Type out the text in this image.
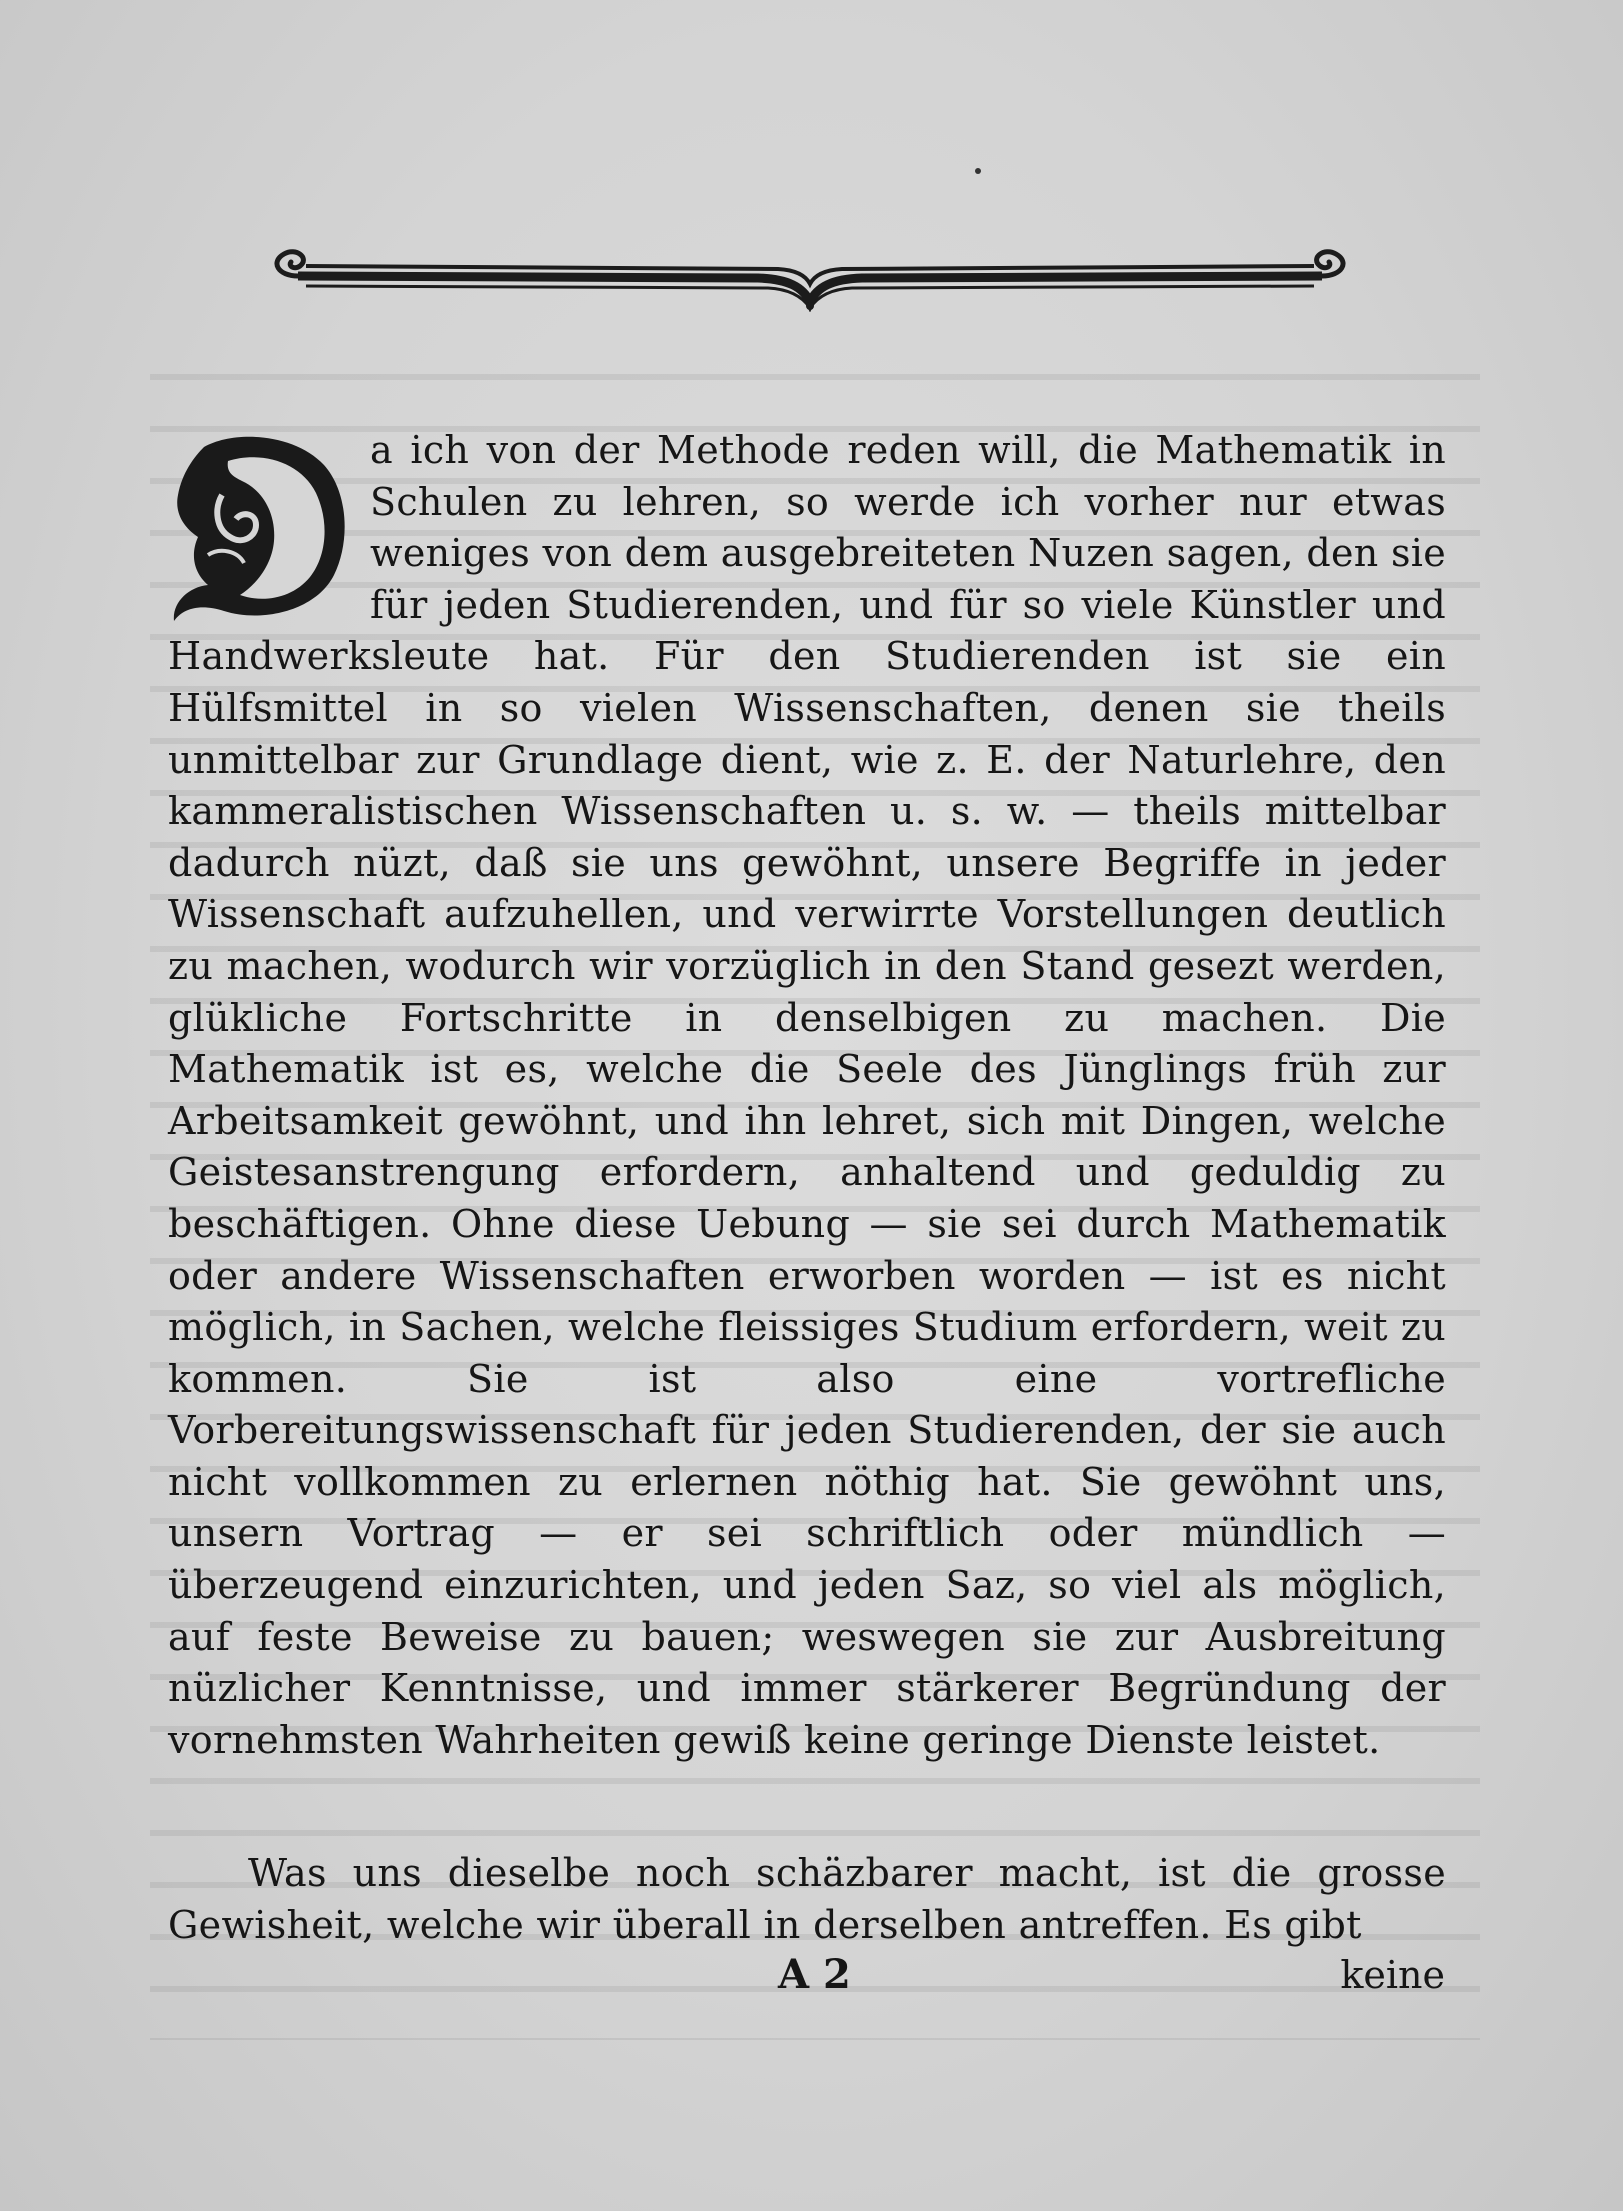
a ich von der Methode reden will, die Mathematik in Schulen zu lehren, so werde ich vorher nur etwas weniges von dem ausgebreiteten Nuzen sagen, den sie für jeden Studierenden, und für so viele Künstler und Handwerksleute hat. Für den Studierenden ist sie ein Hülfsmittel in so vielen Wissenschaften, denen sie theils unmittelbar zur Grundlage dient, wie z. E. der Naturlehre, den kammeralistischen Wissenschaften u. s. w. — theils mittelbar dadurch nüzt, daß sie uns gewöhnt, unsere Begriffe in jeder Wissenschaft aufzuhellen, und verwirrte Vorstellungen deutlich zu machen, wodurch wir vorzüglich in den Stand gesezt werden, glükliche Fortschritte in denselbigen zu machen. Die Mathematik ist es, welche die Seele des Jünglings früh zur Arbeitsamkeit gewöhnt, und ihn lehret, sich mit Dingen, welche Geistesanstrengung erfordern, anhaltend und geduldig zu beschäftigen. Ohne diese Uebung — sie sei durch Mathematik oder andere Wissenschaften erworben worden — ist es nicht möglich, in Sachen, welche fleissiges Studium erfordern, weit zu kommen. Sie ist also eine vortrefliche Vorbereitungswissenschaft für jeden Studierenden, der sie auch nicht vollkommen zu erlernen nöthig hat. Sie gewöhnt uns, unsern Vortrag — er sei schriftlich oder mündlich — überzeugend einzurichten, und jeden Saz, so viel als möglich, auf feste Beweise zu bauen; weswegen sie zur Ausbreitung nüzlicher Kenntnisse, und immer stärkerer Begründung der vornehmsten Wahrheiten gewiß keine geringe Dienste leistet.

Was uns dieselbe noch schäzbarer macht, ist die grosse Gewisheit, welche wir überall in derselben antreffen. Es gibt

A 2	keine
